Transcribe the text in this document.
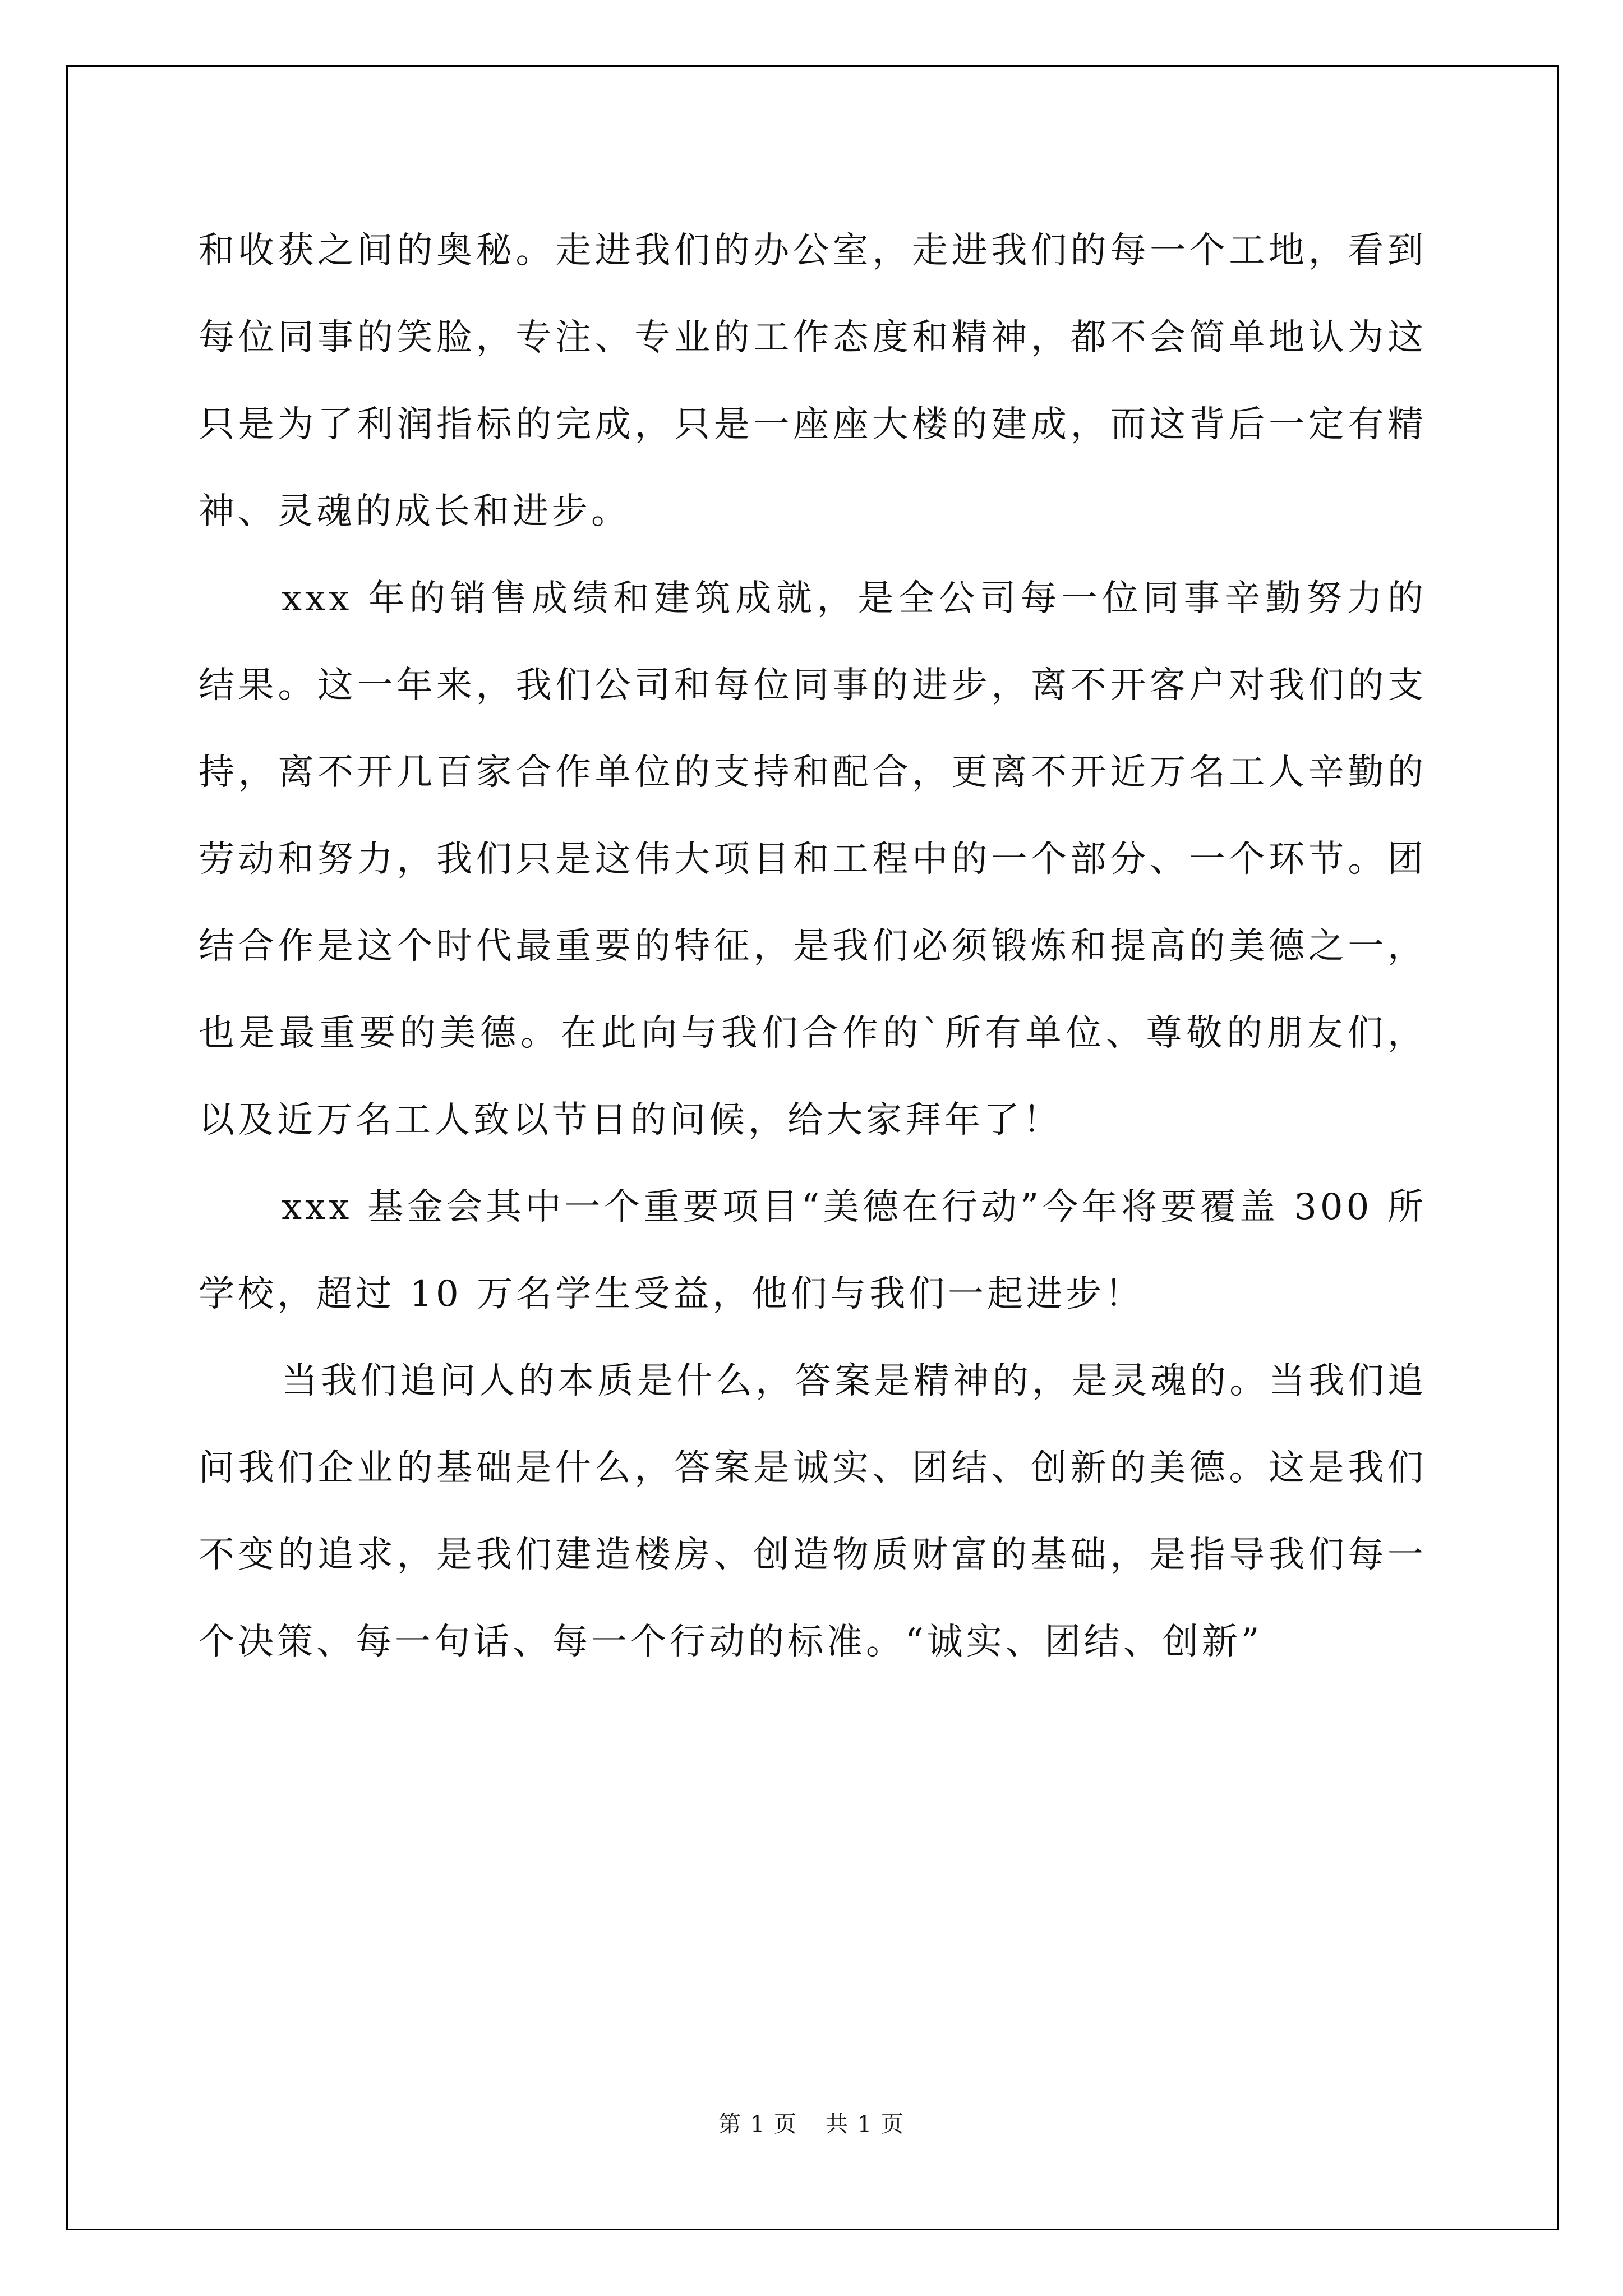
和收获之间的奥秘。走进我们的办公室，走进我们的每一个工地，看到每位同事的笑脸，专注、专业的工作态度和精神，都不会简单地认为这只是为了利润指标的完成，只是一座座大楼的建成，而这背后一定有精神、灵魂的成长和进步。

xxx 年的销售成绩和建筑成就，是全公司每一位同事辛勤努力的结果。这一年来，我们公司和每位同事的进步，离不开客户对我们的支持，离不开几百家合作单位的支持和配合，更离不开近万名工人辛勤的劳动和努力，我们只是这伟大项目和工程中的一个部分、一个环节。团结合作是这个时代最重要的特征，是我们必须锻炼和提高的美德之一，也是最重要的美德。在此向与我们合作的`所有单位、尊敬的朋友们，以及近万名工人致以节日的问候，给大家拜年了！

xxx 基金会其中一个重要项目“美德在行动”今年将要覆盖 300 所学校，超过 10 万名学生受益，他们与我们一起进步！

当我们追问人的本质是什么，答案是精神的，是灵魂的。当我们追问我们企业的基础是什么，答案是诚实、团结、创新的美德。这是我们不变的追求，是我们建造楼房、创造物质财富的基础，是指导我们每一个决策、每一句话、每一个行动的标准。“诚实、团结、创新”

第 1 页 共 1 页
